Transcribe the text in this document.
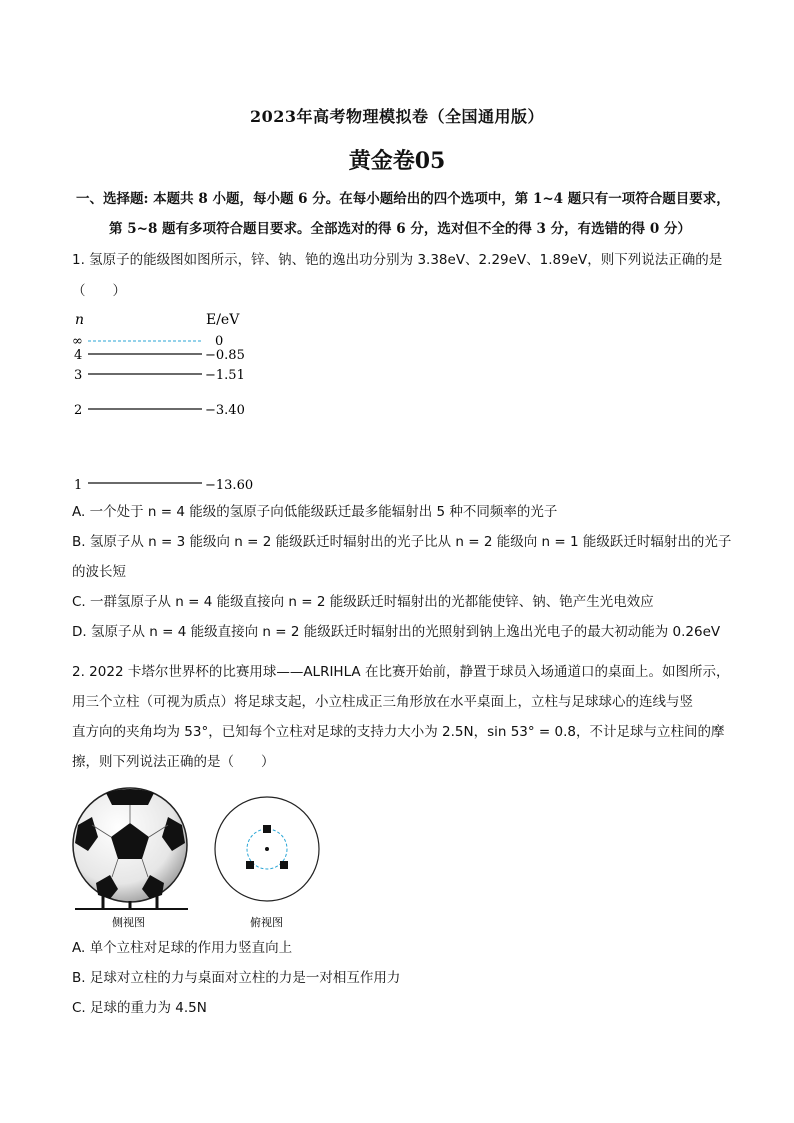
2023年高考物理模拟卷（全国通用版）
黄金卷05
一、选择题: 本题共 8 小题，每小题 6 分。在每小题给出的四个选项中，第 1~4 题只有一项符合题目要求，
第 5~8 题有多项符合题目要求。全部选对的得 6 分，选对但不全的得 3 分，有选错的得 0 分）
1. 氢原子的能级图如图所示，锌、钠、铯的逸出功分别为 3.38eV、2.29eV、1.89eV，则下列说法正确的是
（　　）
n	E/eV
∞	0
4	−0.85
3	−1.51
2	−3.40
1	−13.60
A. 一个处于 n = 4 能级的氢原子向低能级跃迁最多能辐射出 5 种不同频率的光子
B. 氢原子从 n = 3 能级向 n = 2 能级跃迁时辐射出的光子比从 n = 2 能级向 n = 1 能级跃迁时辐射出的光子
的波长短
C. 一群氢原子从 n = 4 能级直接向 n = 2 能级跃迁时辐射出的光都能使锌、钠、铯产生光电效应
D. 氢原子从 n = 4 能级直接向 n = 2 能级跃迁时辐射出的光照射到钠上逸出光电子的最大初动能为 0.26eV
2. 2022 卡塔尔世界杯的比赛用球——ALRIHLA 在比赛开始前，静置于球员入场通道口的桌面上。如图所示，
用三个立柱（可视为质点）将足球支起，小立柱成正三角形放在水平桌面上，立柱与足球球心的连线与竖
直方向的夹角均为 53°，已知每个立柱对足球的支持力大小为 2.5N，sin 53° = 0.8，不计足球与立柱间的摩
擦，则下列说法正确的是（　　）
侧视图	俯视图
A. 单个立柱对足球的作用力竖直向上
B. 足球对立柱的力与桌面对立柱的力是一对相互作用力
C. 足球的重力为 4.5N
